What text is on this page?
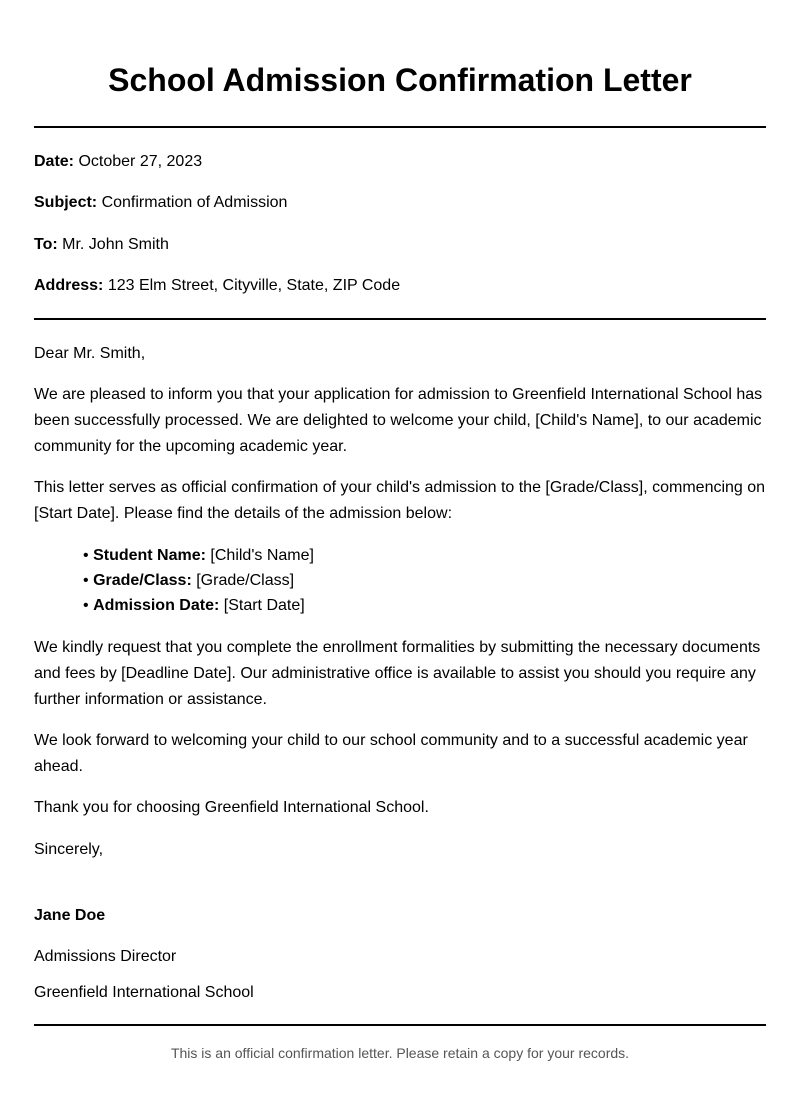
School Admission Confirmation Letter

Date: October 27, 2023

Subject: Confirmation of Admission

To: Mr. John Smith

Address: 123 Elm Street, Cityville, State, ZIP Code

Dear Mr. Smith,

We are pleased to inform you that your application for admission to Greenfield International School has been successfully processed. We are delighted to welcome your child, [Child's Name], to our academic community for the upcoming academic year.

This letter serves as official confirmation of your child's admission to the [Grade/Class], commencing on [Start Date]. Please find the details of the admission below:

• Student Name: [Child's Name]
• Grade/Class: [Grade/Class]
• Admission Date: [Start Date]

We kindly request that you complete the enrollment formalities by submitting the necessary documents and fees by [Deadline Date]. Our administrative office is available to assist you should you require any further information or assistance.

We look forward to welcoming your child to our school community and to a successful academic year ahead.

Thank you for choosing Greenfield International School.

Sincerely,

Jane Doe

Admissions Director

Greenfield International School

This is an official confirmation letter. Please retain a copy for your records.
